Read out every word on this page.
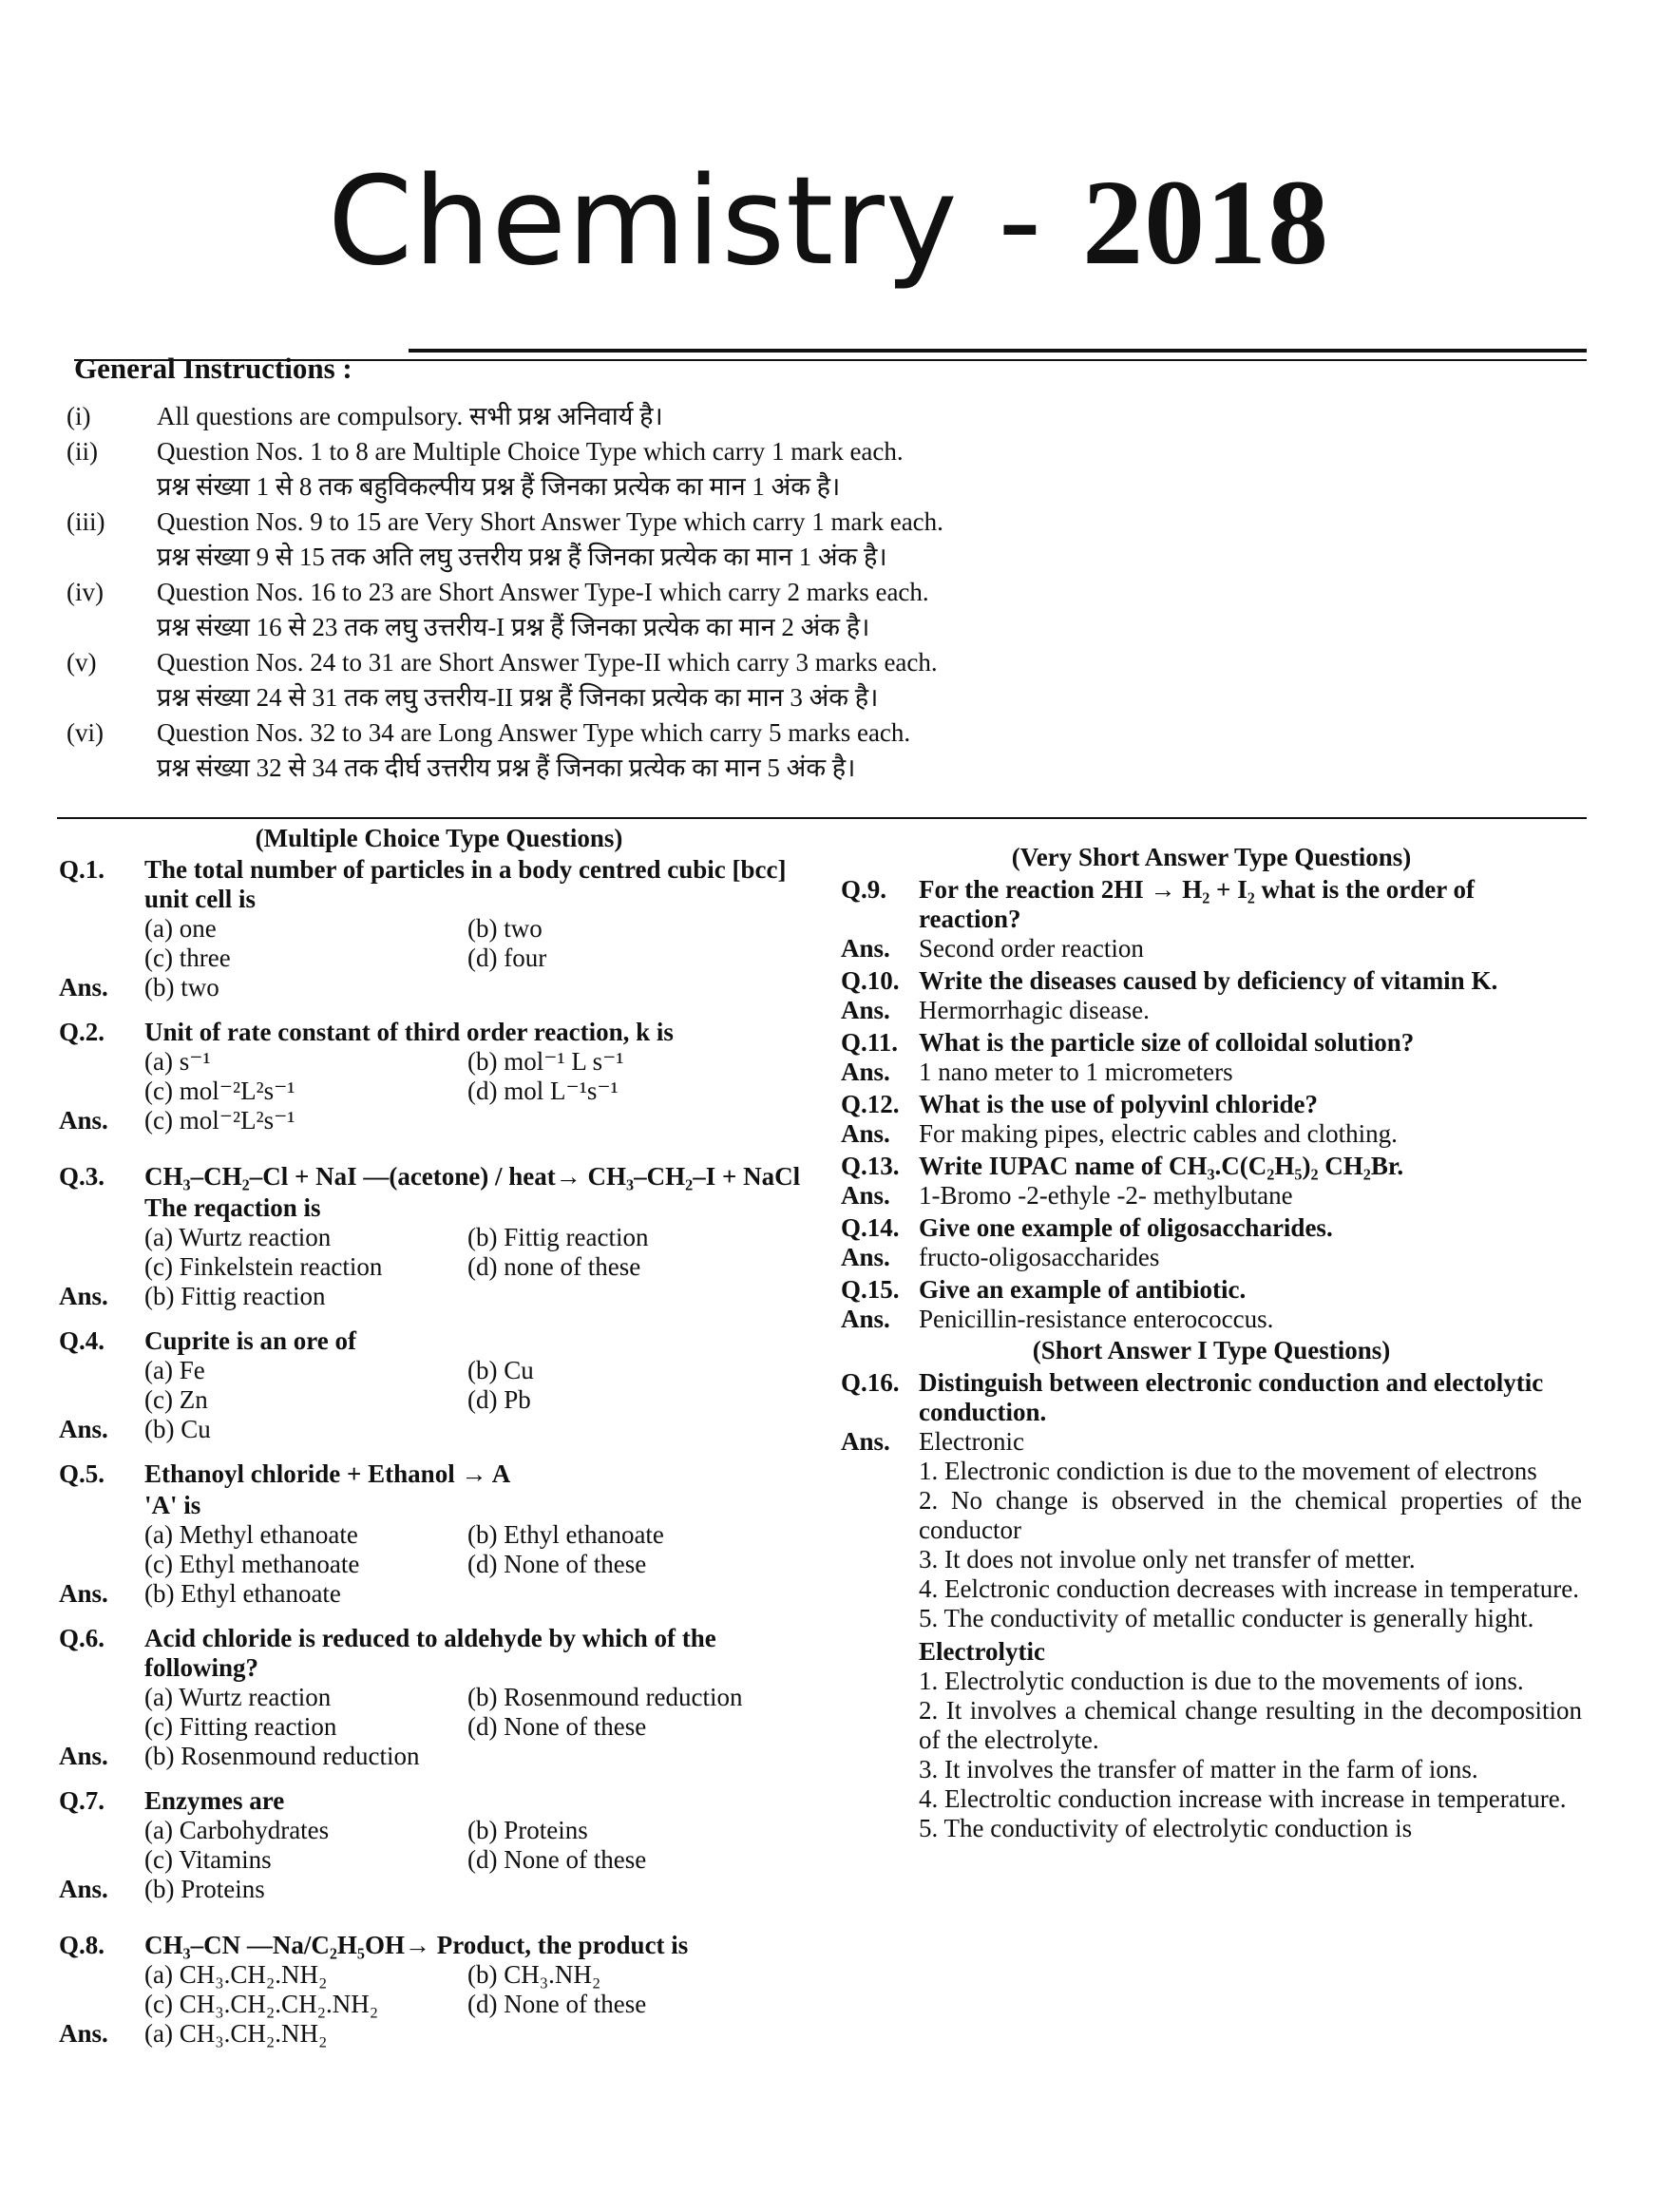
Chemistry - 2018
General Instructions :
(i)	All questions are compulsory. सभी प्रश्न अनिवार्य है।
(ii)	Question Nos. 1 to 8 are Multiple Choice Type which carry 1 mark each.
प्रश्न संख्या 1 से 8 तक बहुविकल्पीय प्रश्न हैं जिनका प्रत्येक का मान 1 अंक है।
(iii)	Question Nos. 9 to 15 are Very Short Answer Type which carry 1 mark each.
प्रश्न संख्या 9 से 15 तक अति लघु उत्तरीय प्रश्न हैं जिनका प्रत्येक का मान 1 अंक है।
(iv)	Question Nos. 16 to 23 are Short Answer Type-I which carry 2 marks each.
प्रश्न संख्या 16 से 23 तक लघु उत्तरीय-I प्रश्न हैं जिनका प्रत्येक का मान 2 अंक है।
(v)	Question Nos. 24 to 31 are Short Answer Type-II which carry 3 marks each.
प्रश्न संख्या 24 से 31 तक लघु उत्तरीय-II प्रश्न हैं जिनका प्रत्येक का मान 3 अंक है।
(vi)	Question Nos. 32 to 34 are Long Answer Type which carry 5 marks each.
प्रश्न संख्या 32 से 34 तक दीर्घ उत्तरीय प्रश्न हैं जिनका प्रत्येक का मान 5 अंक है।
(Multiple Choice Type Questions)
Q.1. The total number of particles in a body centred cubic [bcc] unit cell is
(a) one	(b) two
(c) three	(d) four
Ans. (b) two
Q.2. Unit of rate constant of third order reaction, k is
(a) s⁻¹	(b) mol⁻¹ L s⁻¹
(c) mol⁻²L²s⁻¹	(d) mol L⁻¹s⁻¹
Ans. (c) mol⁻²L²s⁻¹
Q.3. CH₃–CH₂–Cl + NaI —(acetone) / heat→ CH₃–CH₂–I + NaCl
The reqaction is
(a) Wurtz reaction	(b) Fittig reaction
(c) Finkelstein reaction	(d) none of these
Ans. (b) Fittig reaction
Q.4. Cuprite is an ore of
(a) Fe	(b) Cu
(c) Zn	(d) Pb
Ans. (b) Cu
Q.5. Ethanoyl chloride + Ethanol → A
'A' is
(a) Methyl ethanoate	(b) Ethyl ethanoate
(c) Ethyl methanoate	(d) None of these
Ans. (b) Ethyl ethanoate
Q.6. Acid chloride is reduced to aldehyde by which of the following?
(a) Wurtz reaction	(b) Rosenmound reduction
(c) Fitting reaction	(d) None of these
Ans. (b) Rosenmound reduction
Q.7. Enzymes are
(a) Carbohydrates	(b) Proteins
(c) Vitamins	(d) None of these
Ans. (b) Proteins
Q.8. CH₃–CN —Na/C₂H₅OH→ Product, the product is
(a) CH₃.CH₂.NH₂	(b) CH₃.NH₂
(c) CH₃.CH₂.CH₂.NH₂	(d) None of these
Ans. (a) CH₃.CH₂.NH₂
(Very Short Answer Type Questions)
Q.9. For the reaction 2HI → H₂ + I₂ what is the order of reaction?
Ans. Second order reaction
Q.10. Write the diseases caused by deficiency of vitamin K.
Ans. Hermorrhagic disease.
Q.11. What is the particle size of colloidal solution?
Ans. 1 nano meter to 1 micrometers
Q.12. What is the use of polyvinl chloride?
Ans. For making pipes, electric cables and clothing.
Q.13. Write IUPAC name of CH₃.C(C₂H₅)₂ CH₂Br.
Ans. 1-Bromo -2-ethyle -2- methylbutane
Q.14. Give one example of oligosaccharides.
Ans. fructo-oligosaccharides
Q.15. Give an example of antibiotic.
Ans. Penicillin-resistance enterococcus.
(Short Answer I Type Questions)
Q.16. Distinguish between electronic conduction and electolytic conduction.
Ans. Electronic
1. Electronic condiction is due to the movement of electrons
2. No change is observed in the chemical properties of the conductor
3. It does not involue only net transfer of metter.
4. Eelctronic conduction decreases with increase in temperature.
5. The conductivity of metallic conducter is generally hight.
Electrolytic
1. Electrolytic conduction is due to the movements of ions.
2. It involves a chemical change resulting in the decomposition of the electrolyte.
3. It involves the transfer of matter in the farm of ions.
4. Electroltic conduction increase with increase in temperature.
5. The conductivity of electrolytic conduction is
